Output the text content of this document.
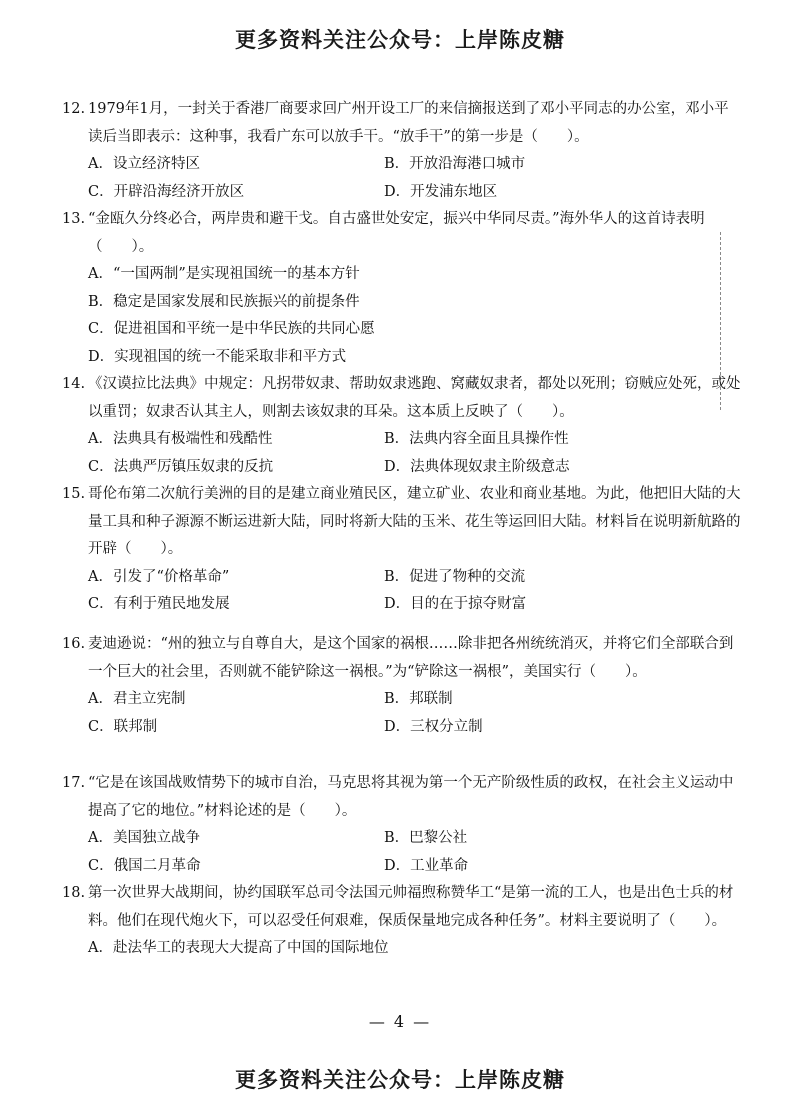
更多资料关注公众号：上岸陈皮糖
12. 1979年1月，一封关于香港厂商要求回广州开设工厂的来信摘报送到了邓小平同志的办公室，邓小平读后当即表示：这种事，我看广东可以放手干。“放手干”的第一步是（　　）。
A．设立经济特区	B．开放沿海港口城市
C．开辟沿海经济开放区	D．开发浦东地区
13. “金瓯久分终必合，两岸贵和避干戈。自古盛世处安定，振兴中华同尽责。”海外华人的这首诗表明（　　）。
A．“一国两制”是实现祖国统一的基本方针
B．稳定是国家发展和民族振兴的前提条件
C．促进祖国和平统一是中华民族的共同心愿
D．实现祖国的统一不能采取非和平方式
14. 《汉谟拉比法典》中规定：凡拐带奴隶、帮助奴隶逃跑、窝藏奴隶者，都处以死刑；窃贼应处死，或处以重罚；奴隶否认其主人，则割去该奴隶的耳朵。这本质上反映了（　　）。
A．法典具有极端性和残酷性	B．法典内容全面且具操作性
C．法典严厉镇压奴隶的反抗	D．法典体现奴隶主阶级意志
15. 哥伦布第二次航行美洲的目的是建立商业殖民区，建立矿业、农业和商业基地。为此，他把旧大陆的大量工具和种子源源不断运进新大陆，同时将新大陆的玉米、花生等运回旧大陆。材料旨在说明新航路的开辟（　　）。
A．引发了“价格革命”	B．促进了物种的交流
C．有利于殖民地发展	D．目的在于掠夺财富
16. 麦迪逊说：“州的独立与自尊自大，是这个国家的祸根……除非把各州统统消灭，并将它们全部联合到一个巨大的社会里，否则就不能铲除这一祸根。”为“铲除这一祸根”，美国实行（　　）。
A．君主立宪制	B．邦联制
C．联邦制	D．三权分立制
17. “它是在该国战败情势下的城市自治，马克思将其视为第一个无产阶级性质的政权，在社会主义运动中提高了它的地位。”材料论述的是（　　）。
A．美国独立战争	B．巴黎公社
C．俄国二月革命	D．工业革命
18. 第一次世界大战期间，协约国联军总司令法国元帅福煦称赞华工“是第一流的工人，也是出色士兵的材料。他们在现代炮火下，可以忍受任何艰难，保质保量地完成各种任务”。材料主要说明了（　　）。
A．赴法华工的表现大大提高了中国的国际地位
— 4 —
更多资料关注公众号：上岸陈皮糖
